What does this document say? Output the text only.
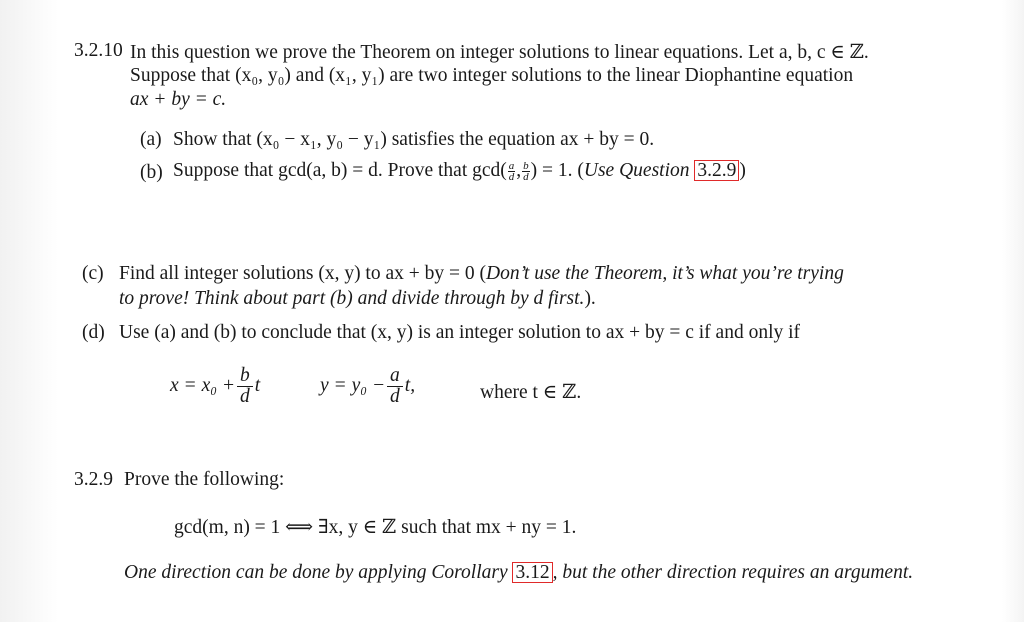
3.2.10 In this question we prove the Theorem on integer solutions to linear equations. Let a, b, c ∈ ℤ.
Suppose that (x₀, y₀) and (x₁, y₁) are two integer solutions to the linear Diophantine equation
ax + by = c.
(a) Show that (x₀ − x₁, y₀ − y₁) satisfies the equation ax + by = 0.
(b) Suppose that gcd(a, b) = d. Prove that $\gcd( \frac{a}{d}$ , $\frac{b}{d}$ ) = 1. (Use Question 3.2.9 )
(c) Find all integer solutions (x, y) to ax + by = 0 (Don’t use the Theorem, it’s what you’re trying
to prove! Think about part (b) and divide through by d first.).
(d) Use (a) and (b) to conclude that (x, y) is an integer solution to ax + by = c if and only if
$x = x_0 + \frac{b}{d}$ t	$y = y_0 - \frac{a}{d} t$,	where t ∈ ℤ.
3.2.9 Prove the following:
gcd(m, n) = 1 ⟺ ∃x, y ∈ ℤ such that mx + ny = 1.
One direction can be done by applying Corollary 3.12 , but the other direction requires an argument.
